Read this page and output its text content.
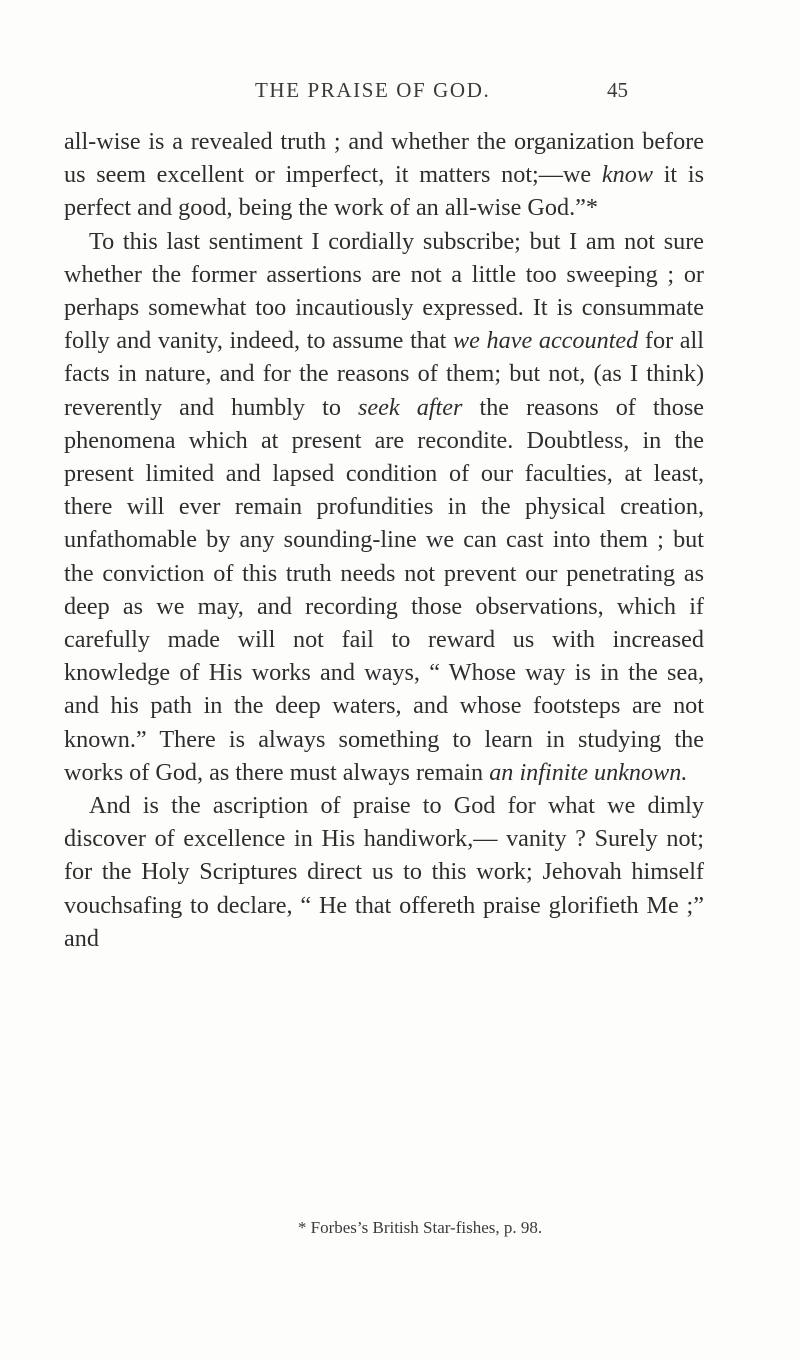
THE PRAISE OF GOD.	45

all-wise is a revealed truth ; and whether the organization before us seem excellent or imperfect, it matters not;—we know it is perfect and good, being the work of an all-wise God.”*

To this last sentiment I cordially subscribe; but I am not sure whether the former assertions are not a little too sweeping ; or perhaps somewhat too incautiously expressed. It is consummate folly and vanity, indeed, to assume that we have accounted for all facts in nature, and for the reasons of them; but not, (as I think) reverently and humbly to seek after the reasons of those phenomena which at present are recondite. Doubtless, in the present limited and lapsed condition of our faculties, at least, there will ever remain profundities in the physical creation, unfathomable by any sounding-line we can cast into them ; but the conviction of this truth needs not prevent our penetrating as deep as we may, and recording those observations, which if carefully made will not fail to reward us with increased knowledge of His works and ways, “ Whose way is in the sea, and his path in the deep waters, and whose footsteps are not known.” There is always something to learn in studying the works of God, as there must always remain an infinite unknown.

And is the ascription of praise to God for what we dimly discover of excellence in His handiwork,— vanity ? Surely not; for the Holy Scriptures direct us to this work; Jehovah himself vouchsafing to declare, “ He that offereth praise glorifieth Me ;” and

* Forbes’s British Star-fishes, p. 98.
